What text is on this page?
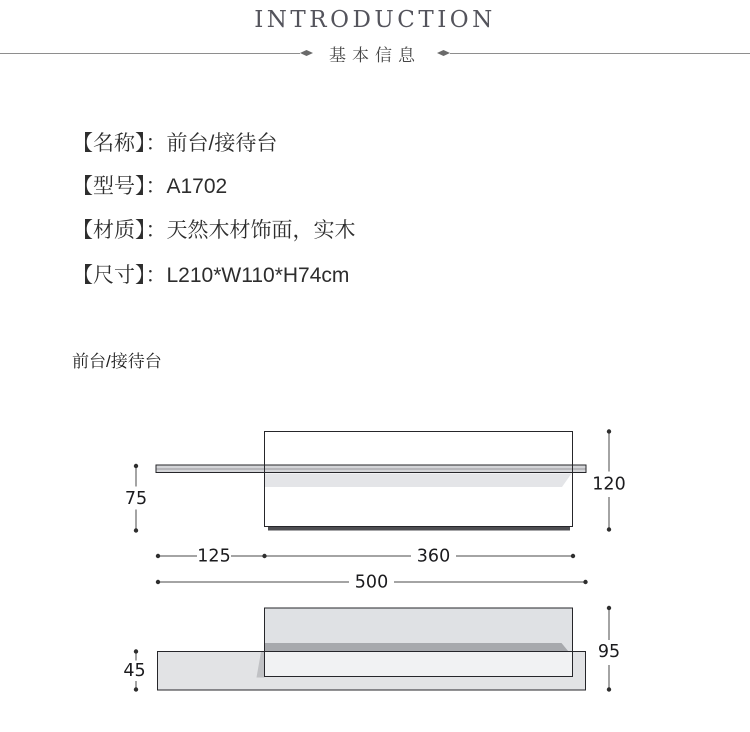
INTRODUCTION
基本信息
【名称】：前台/接待台
【型号】：A1702
【材质】：天然木材饰面，实木
【尺寸】：L210*W110*H74cm
前台/接待台
75
120
125	360
500
45
95
